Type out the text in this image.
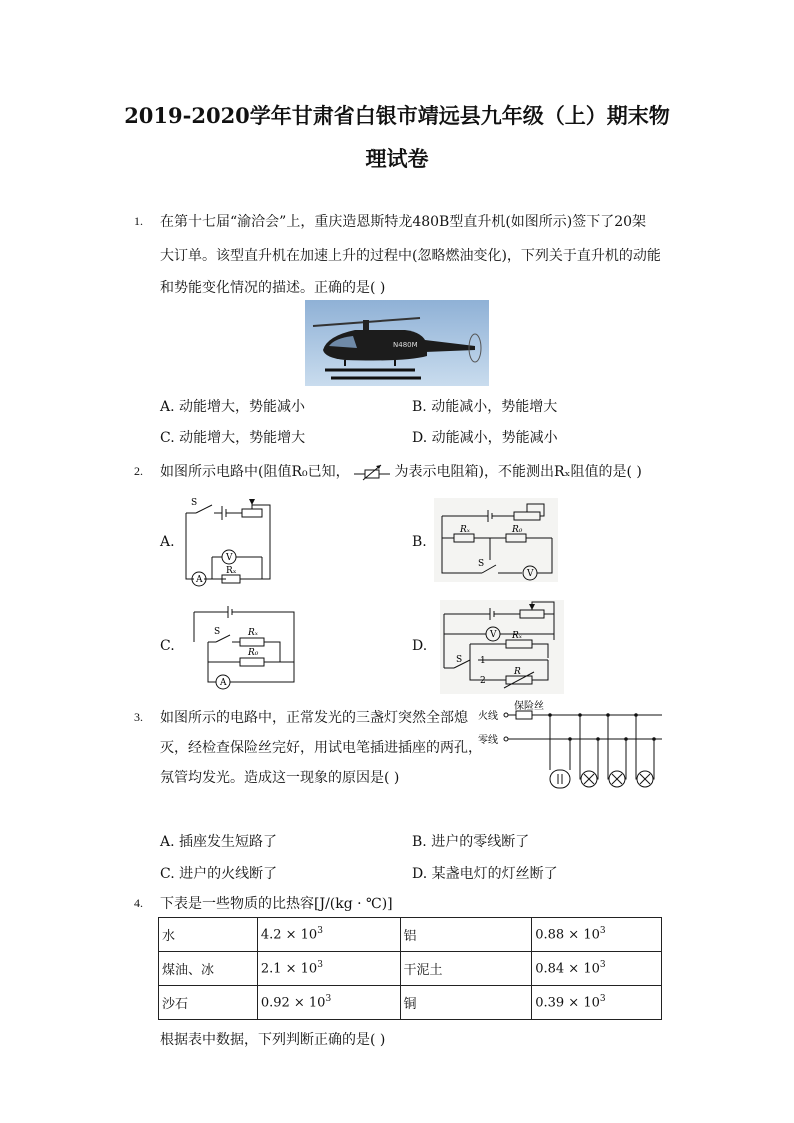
2019-2020学年甘肃省白银市靖远县九年级（上）期末物
理试卷
1. 在第十七届“渝洽会”上，重庆造恩斯特龙480B型直升机(如图所示)签下了20架
大订单。该型直升机在加速上升的过程中(忽略燃油变化)，下列关于直升机的动能
和势能变化情况的描述。正确的是( )
N480M
A. 动能增大，势能减小	B. 动能减小，势能增大
C. 动能增大，势能增大	D. 动能减小，势能减小
2. 如图所示电路中(阻值R₀已知，	为表示电阻箱)，不能测出Rₓ阻值的是( )
A.	B.
C.	D.
S
V
A
Rₓ
Rₓ	R₀
S
V
S	Rₓ
R₀
A
V Rₓ
S 1
2
R
3. 如图所示的电路中，正常发光的三盏灯突然全部熄
灭，经检查保险丝完好，用试电笔插进插座的两孔，
氖管均发光。造成这一现象的原因是( )
火线
零线
保险丝
A. 插座发生短路了	B. 进户的零线断了
C. 进户的火线断了	D. 某盏电灯的灯丝断了
4. 下表是一些物质的比热容[J/(kg · ℃)]
水	$4.2 \times 10^3$	铝	$0.88 \times 10^3$
煤油、冰	$2.1 \times 10^3$	干泥土	$0.84 \times 10^3$
沙石	$0.92 \times 10^3$	铜	$0.39 \times 10^3$
根据表中数据，下列判断正确的是( )
